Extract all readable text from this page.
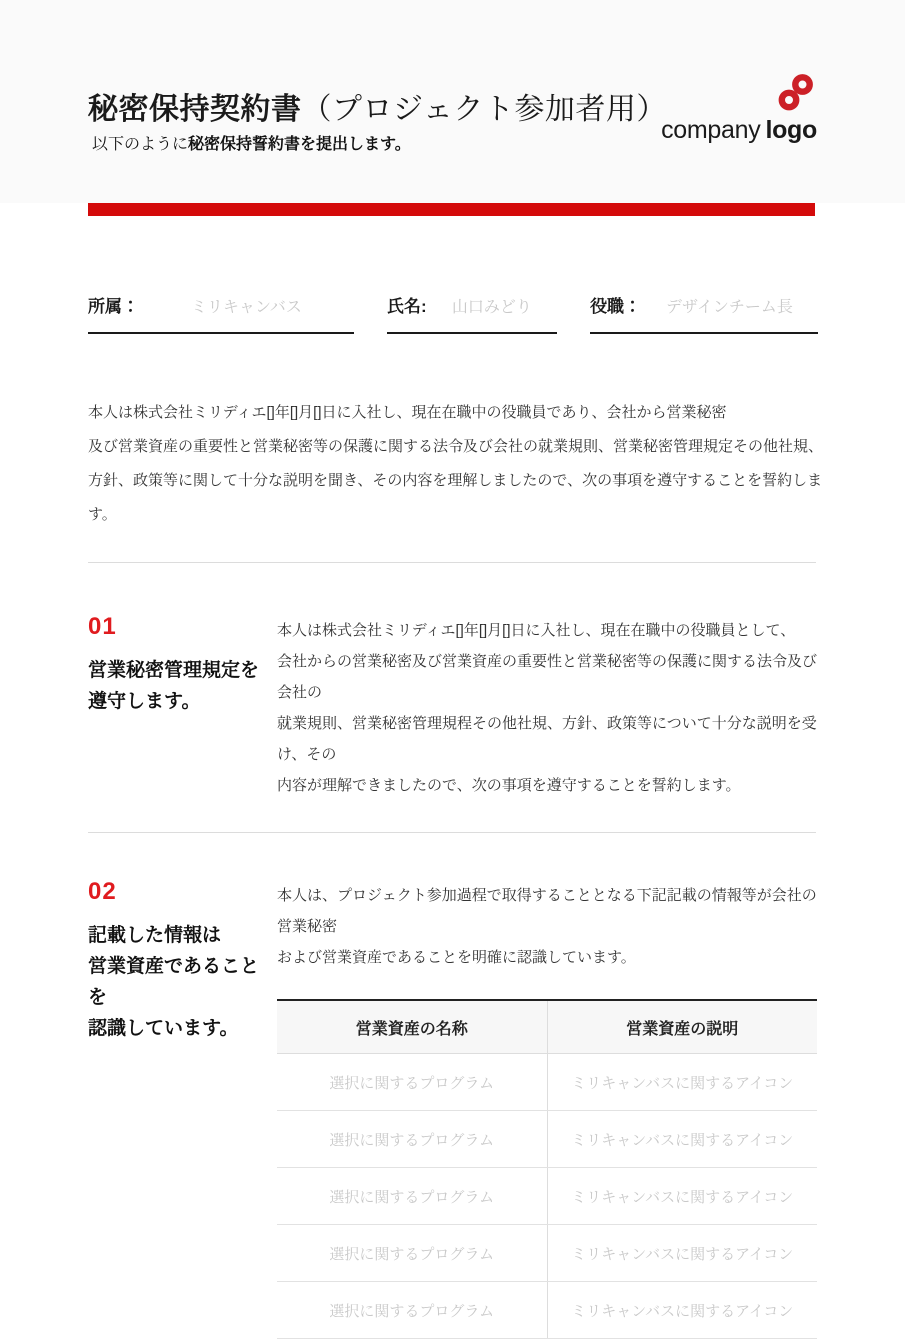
秘密保持契約書（プロジェクト参加者用）
以下のように秘密保持誓約書を提出します。
company logo
所属：	ミリキャンバス	氏名:	山口みどり	役職：	デザインチーム長
本人は株式会社ミリディエ[]年[]月[]日に入社し、現在在職中の役職員であり、会社から営業秘密
及び営業資産の重要性と営業秘密等の保護に関する法令及び会社の就業規則、営業秘密管理規定その他社規、
方針、政策等に関して十分な説明を聞き、その内容を理解しましたので、次の事項を遵守することを誓約します。
01
営業秘密管理規定を
遵守します。
本人は株式会社ミリディエ[]年[]月[]日に入社し、現在在職中の役職員として、
会社からの営業秘密及び営業資産の重要性と営業秘密等の保護に関する法令及び会社の
就業規則、営業秘密管理規程その他社規、方針、政策等について十分な説明を受け、その
内容が理解できましたので、次の事項を遵守することを誓約します。
02
記載した情報は
営業資産であることを
認識しています。
本人は、プロジェクト参加過程で取得することとなる下記記載の情報等が会社の営業秘密
および営業資産であることを明確に認識しています。
営業資産の名称	営業資産の説明
選択に関するプログラム	ミリキャンバスに関するアイコン
選択に関するプログラム	ミリキャンバスに関するアイコン
選択に関するプログラム	ミリキャンバスに関するアイコン
選択に関するプログラム	ミリキャンバスに関するアイコン
選択に関するプログラム	ミリキャンバスに関するアイコン
